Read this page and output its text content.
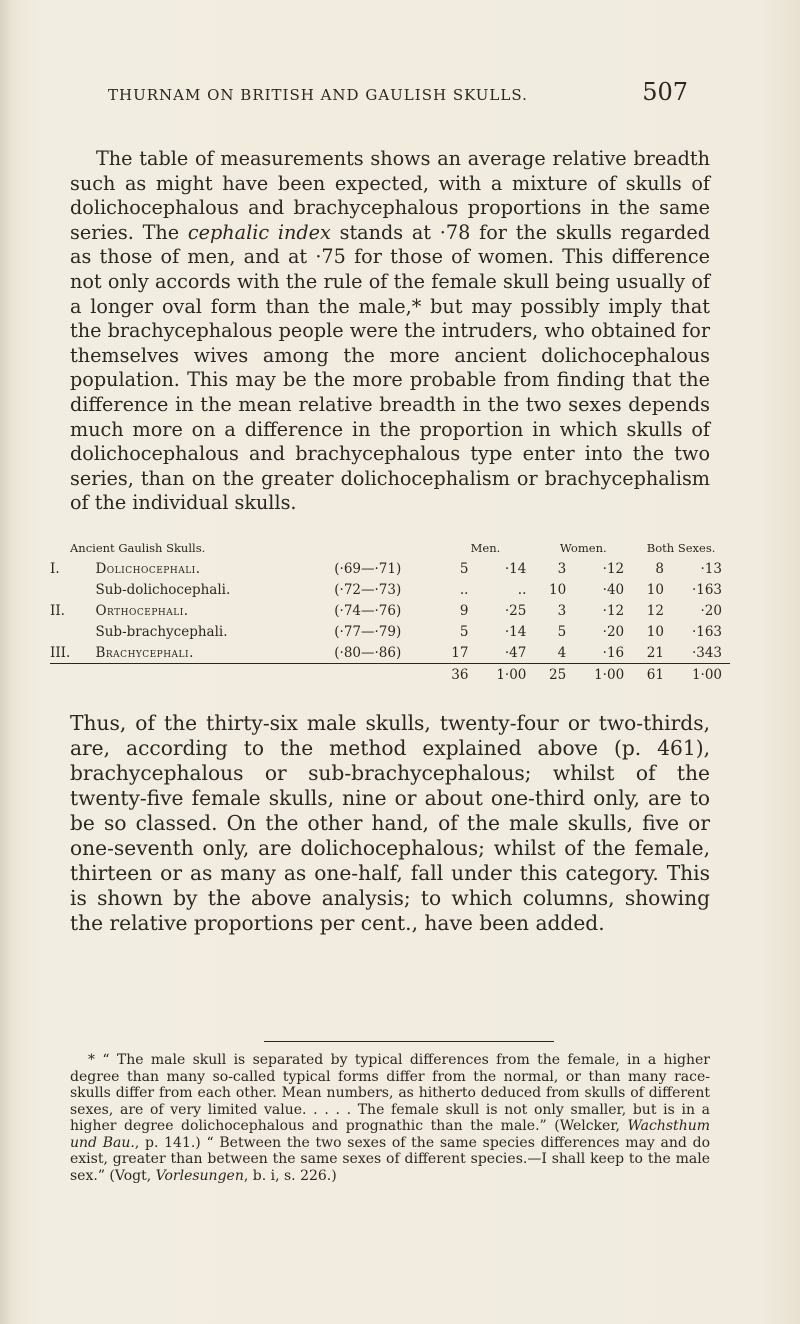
THURNAM ON BRITISH AND GAULISH SKULLS.	507

The table of measurements shows an average relative breadth such as might have been expected, with a mixture of skulls of dolichocephalous and brachycephalous proportions in the same series. The cephalic index stands at ·78 for the skulls regarded as those of men, and at ·75 for those of women. This difference not only accords with the rule of the female skull being usually of a longer oval form than the male,* but may possibly imply that the brachycephalous people were the intruders, who obtained for themselves wives among the more ancient dolichocephalous population. This may be the more probable from finding that the difference in the mean relative breadth in the two sexes depends much more on a difference in the proportion in which skulls of dolichocephalous and brachycephalous type enter into the two series, than on the greater dolichocephalism or brachycephalism of the individual skulls.

Ancient Gaulish Skulls.			Men.		Women.		Both Sexes.	
I.	Dolichocephali.	(·69—·71)	5	·14	3	·12	8	·13
	Sub-dolichocephali.	(·72—·73)	..	..	10	·40	10	·163
II.	Orthocephali.	(·74—·76)	9	·25	3	·12	12	·20
	Sub-brachycephali.	(·77—·79)	5	·14	5	·20	10	·163
III.	Brachycephali.	(·80—·86)	17	·47	4	·16	21	·343
			36	1·00	25	1·00	61	1·00

Thus, of the thirty-six male skulls, twenty-four or two-thirds, are, according to the method explained above (p. 461), brachycephalous or sub-brachycephalous; whilst of the twenty-five female skulls, nine or about one-third only, are to be so classed. On the other hand, of the male skulls, five or one-seventh only, are dolichocephalous; whilst of the female, thirteen or as many as one-half, fall under this category. This is shown by the above analysis; to which columns, showing the relative proportions per cent., have been added.

* “ The male skull is separated by typical differences from the female, in a higher degree than many so-called typical forms differ from the normal, or than many race-skulls differ from each other. Mean numbers, as hitherto deduced from skulls of different sexes, are of very limited value. . . . . The female skull is not only smaller, but is in a higher degree dolichocephalous and prognathic than the male.” (Welcker, Wachsthum und Bau., p. 141.) “ Between the two sexes of the same species differences may and do exist, greater than between the same sexes of different species.—I shall keep to the male sex.” (Vogt, Vorlesungen, b. i, s. 226.)
